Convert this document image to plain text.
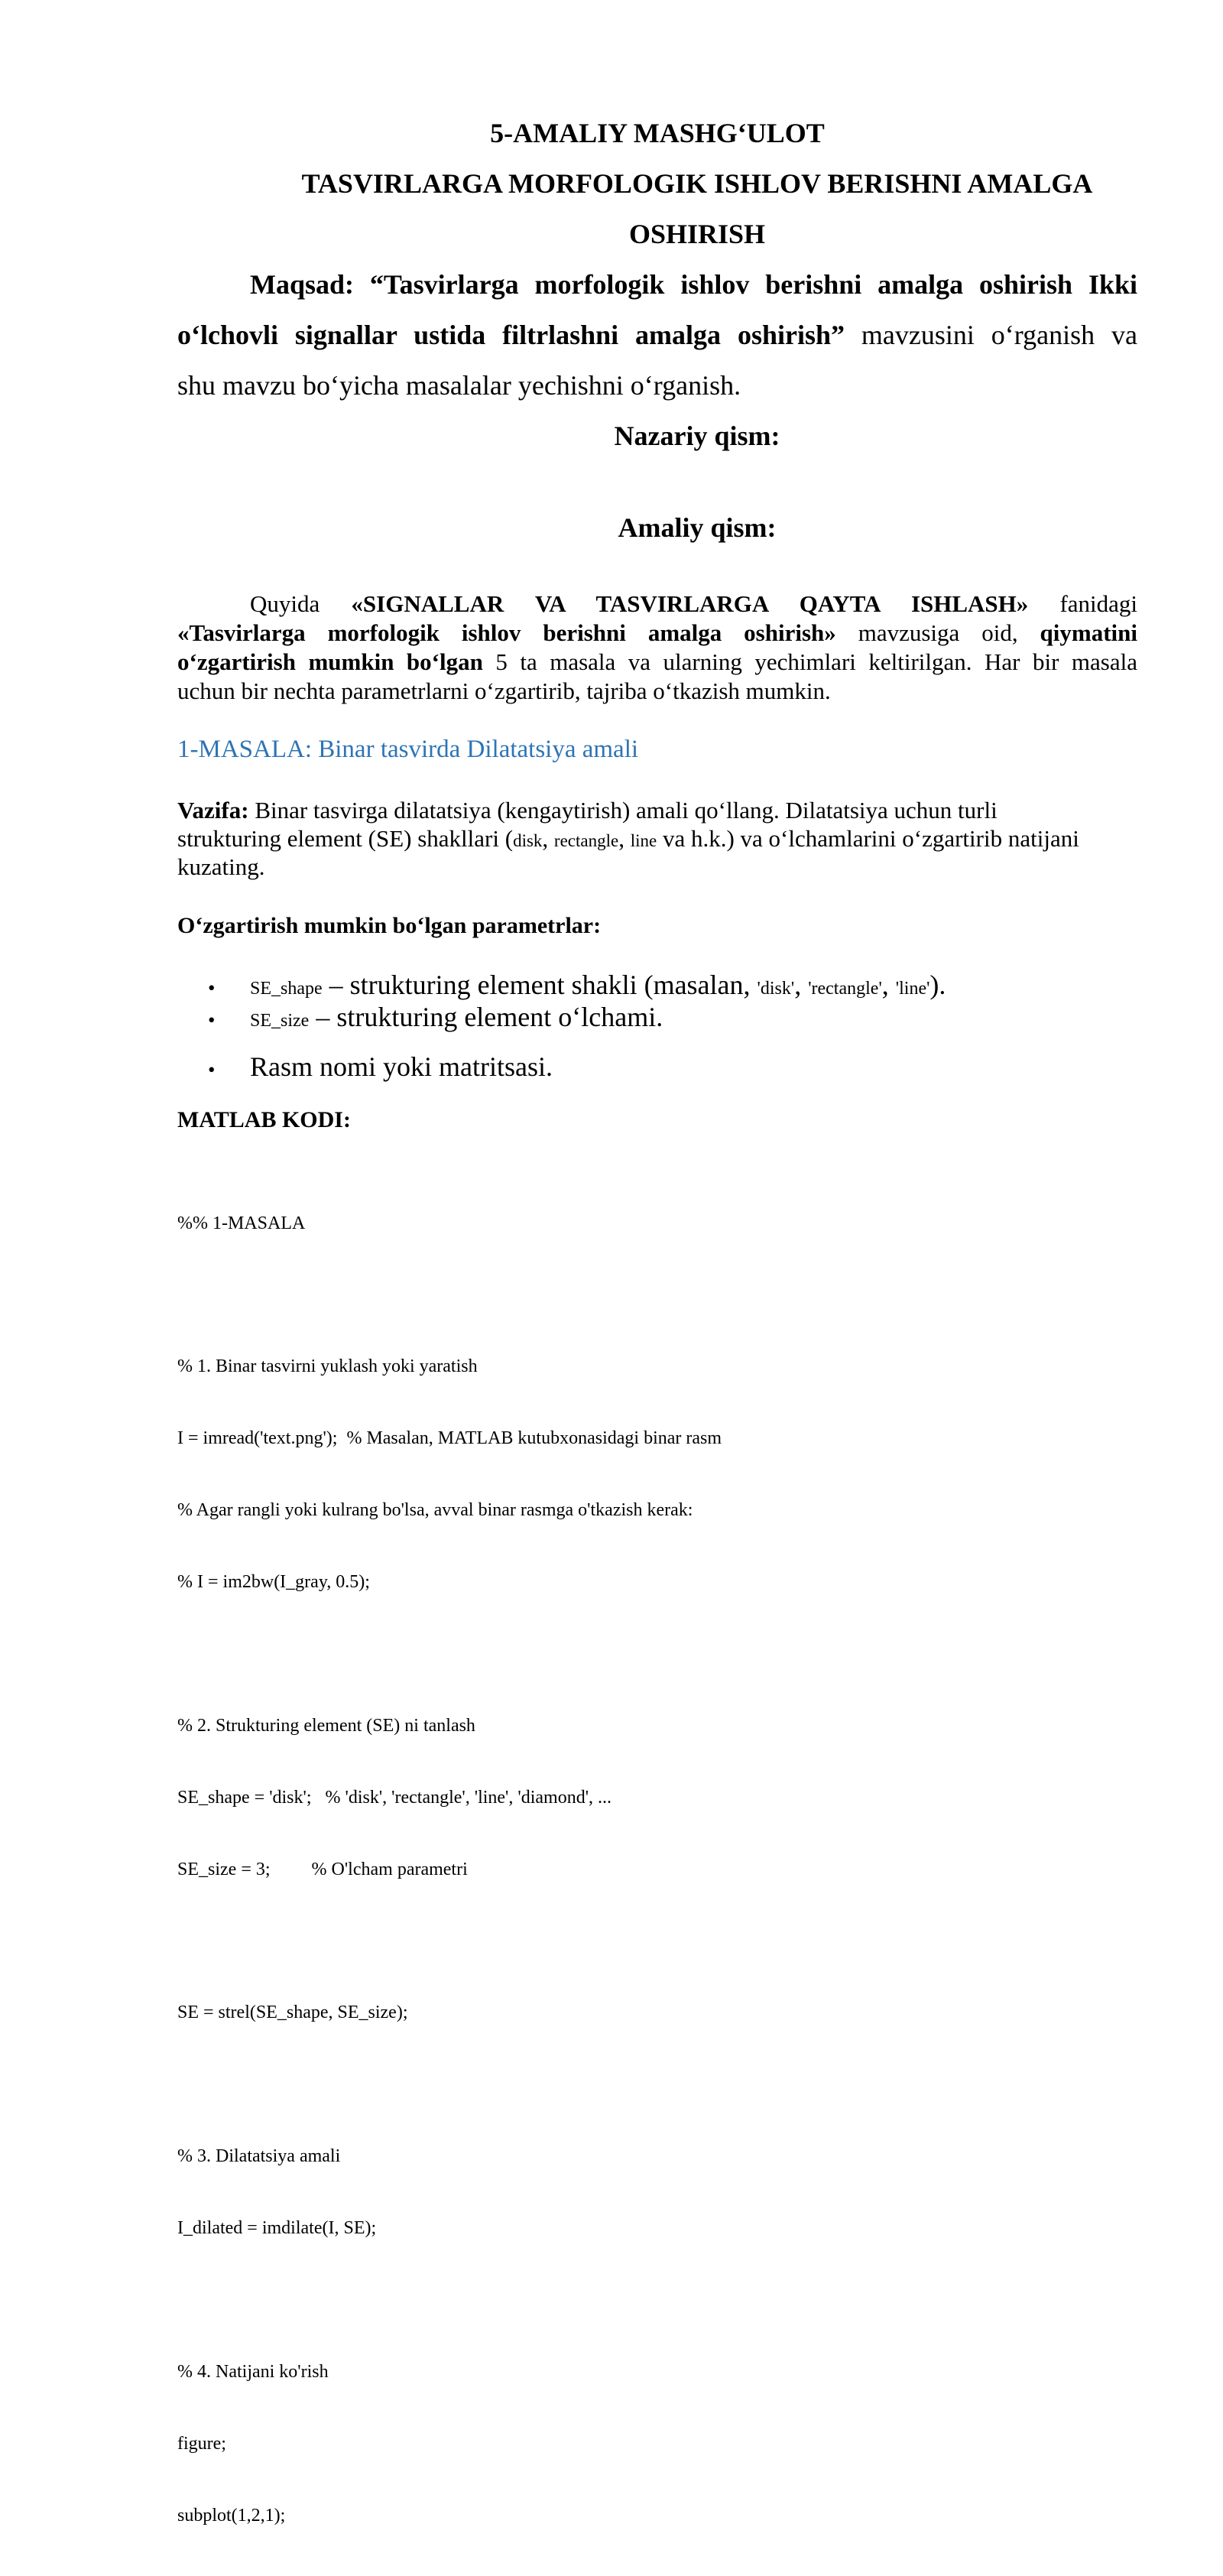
5-AMALIY MASHG‘ULOT
TASVIRLARGA MORFOLOGIK ISHLOV BERISHNI AMALGA
OSHIRISH
Maqsad: “Tasvirlarga morfologik ishlov berishni amalga oshirish Ikki
o‘lchovli signallar ustida filtrlashni amalga oshirish” mavzusini o‘rganish va
shu mavzu bo‘yicha masalalar yechishni o‘rganish.
Nazariy qism:
Amaliy qism:
Quyida «SIGNALLAR VA TASVIRLARGA QAYTA ISHLASH» fanidagi
«Tasvirlarga morfologik ishlov berishni amalga oshirish» mavzusiga oid, qiymatini
o‘zgartirish mumkin bo‘lgan 5 ta masala va ularning yechimlari keltirilgan. Har bir masala
uchun bir nechta parametrlarni o‘zgartirib, tajriba o‘tkazish mumkin.
1-MASALA: Binar tasvirda Dilatatsiya amali
Vazifa: Binar tasvirga dilatatsiya (kengaytirish) amali qo‘llang. Dilatatsiya uchun turli
strukturing element (SE) shakllari (disk, rectangle, line va h.k.) va o‘lchamlarini o‘zgartirib natijani
kuzating.
O‘zgartirish mumkin bo‘lgan parametrlar:
• SE_shape – strukturing element shakli (masalan, 'disk', 'rectangle', 'line').
• SE_size – strukturing element o‘lchami.
• Rasm nomi yoki matritsasi.
MATLAB KODI:

%% 1-MASALA

% 1. Binar tasvirni yuklash yoki yaratish

I = imread('text.png');  % Masalan, MATLAB kutubxonasidagi binar rasm

% Agar rangli yoki kulrang bo'lsa, avval binar rasmga o'tkazish kerak:

% I = im2bw(I_gray, 0.5);

% 2. Strukturing element (SE) ni tanlash

SE_shape = 'disk';   % 'disk', 'rectangle', 'line', 'diamond', ...

SE_size = 3;         % O'lcham parametri

SE = strel(SE_shape, SE_size);

% 3. Dilatatsiya amali

I_dilated = imdilate(I, SE);

% 4. Natijani ko'rish

figure;

subplot(1,2,1);
